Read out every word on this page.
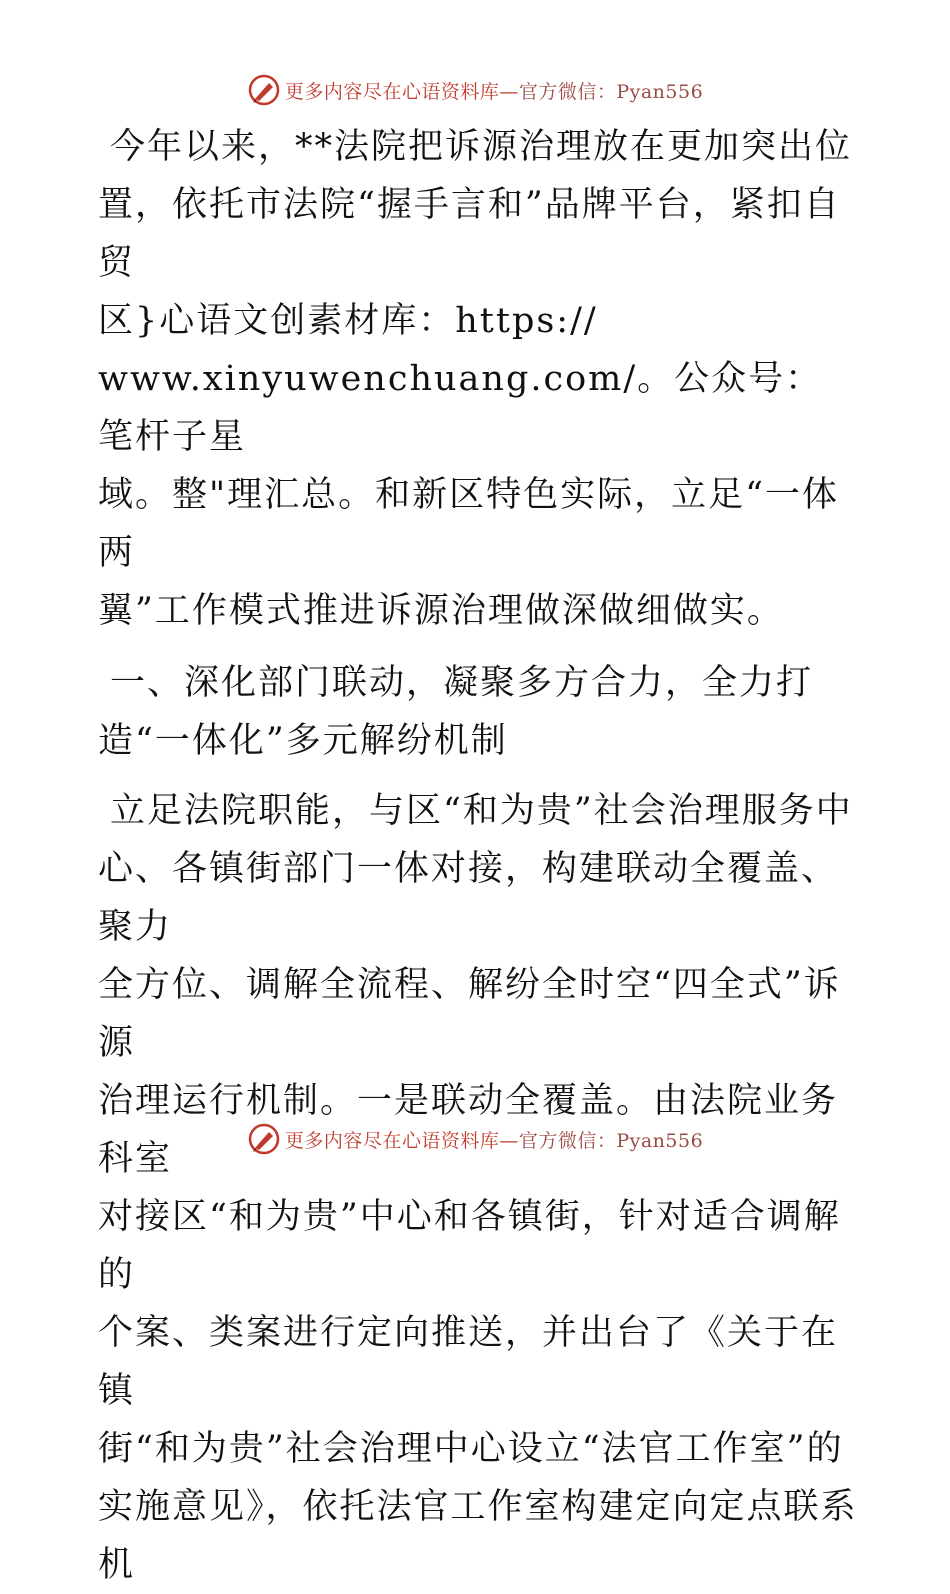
更多内容尽在心语资料库—官方微信：Pyan556

今年以来，**法院把诉源治理放在更加突出位
置，依托市法院“握手言和”品牌平台，紧扣自贸
区}心语文创素材库：https://
www.xinyuwenchuang.com/。公众号：笔杆子星
域。整"理汇总。和新区特色实际，立足“一体两
翼”工作模式推进诉源治理做深做细做实。

一、深化部门联动，凝聚多方合力，全力打
造“一体化”多元解纷机制

立足法院职能，与区“和为贵”社会治理服务中
心、各镇街部门一体对接，构建联动全覆盖、聚力
全方位、调解全流程、解纷全时空“四全式”诉源
治理运行机制。一是联动全覆盖。由法院业务科室
对接区“和为贵”中心和各镇街，针对适合调解的
个案、类案进行定向推送，并出台了《关于在镇
街“和为贵”社会治理中心设立“法官工作室”的
实施意见》，依托法官工作室构建定向定点联系机

更多内容尽在心语资料库—官方微信：Pyan556
